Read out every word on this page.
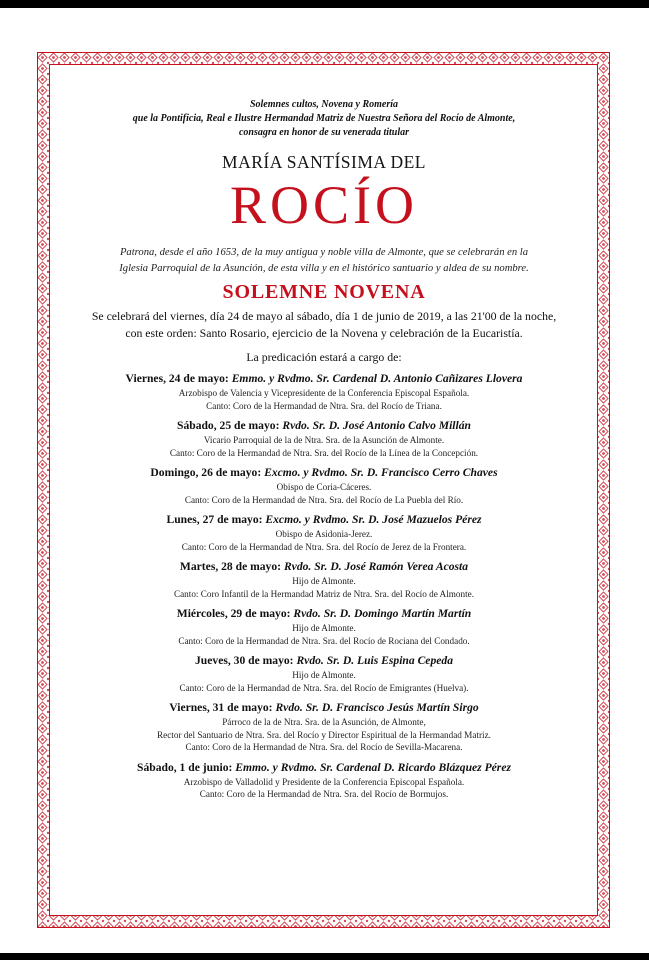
Solemnes cultos, Novena y Romería
que la Pontificia, Real e Ilustre Hermandad Matriz de Nuestra Señora del Rocío de Almonte,
consagra en honor de su venerada titular
MARÍA SANTÍSIMA DEL
ROCÍO
Patrona, desde el año 1653, de la muy antigua y noble villa de Almonte, que se celebrarán en la
Iglesia Parroquial de la Asunción, de esta villa y en el histórico santuario y aldea de su nombre.
SOLEMNE NOVENA
Se celebrará del viernes, día 24 de mayo al sábado, día 1 de junio de 2019, a las 21'00 de la noche,
con este orden: Santo Rosario, ejercicio de la Novena y celebración de la Eucaristía.
La predicación estará a cargo de:
Viernes, 24 de mayo: Emmo. y Rvdmo. Sr. Cardenal D. Antonio Cañizares Llovera
Arzobispo de Valencia y Vicepresidente de la Conferencia Episcopal Española.
Canto: Coro de la Hermandad de Ntra. Sra. del Rocío de Triana.
Sábado, 25 de mayo: Rvdo. Sr. D. José Antonio Calvo Millán
Vicario Parroquial de la de Ntra. Sra. de la Asunción de Almonte.
Canto: Coro de la Hermandad de Ntra. Sra. del Rocío de la Línea de la Concepción.
Domingo, 26 de mayo: Excmo. y Rvdmo. Sr. D. Francisco Cerro Chaves
Obispo de Coria-Cáceres.
Canto: Coro de la Hermandad de Ntra. Sra. del Rocío de La Puebla del Río.
Lunes, 27 de mayo: Excmo. y Rvdmo. Sr. D. José Mazuelos Pérez
Obispo de Asidonia-Jerez.
Canto: Coro de la Hermandad de Ntra. Sra. del Rocío de Jerez de la Frontera.
Martes, 28 de mayo: Rvdo. Sr. D. José Ramón Verea Acosta
Hijo de Almonte.
Canto: Coro Infantil de la Hermandad Matriz de Ntra. Sra. del Rocío de Almonte.
Miércoles, 29 de mayo: Rvdo. Sr. D. Domingo Martín Martín
Hijo de Almonte.
Canto: Coro de la Hermandad de Ntra. Sra. del Rocío de Rociana del Condado.
Jueves, 30 de mayo: Rvdo. Sr. D. Luis Espina Cepeda
Hijo de Almonte.
Canto: Coro de la Hermandad de Ntra. Sra. del Rocío de Emigrantes (Huelva).
Viernes, 31 de mayo: Rvdo. Sr. D. Francisco Jesús Martín Sirgo
Párroco de la de Ntra. Sra. de la Asunción, de Almonte,
Rector del Santuario de Ntra. Sra. del Rocío y Director Espiritual de la Hermandad Matriz.
Canto: Coro de la Hermandad de Ntra. Sra. del Rocío de Sevilla-Macarena.
Sábado, 1 de junio: Emmo. y Rvdmo. Sr. Cardenal D. Ricardo Blázquez Pérez
Arzobispo de Valladolid y Presidente de la Conferencia Episcopal Española.
Canto: Coro de la Hermandad de Ntra. Sra. del Rocío de Bormujos.
